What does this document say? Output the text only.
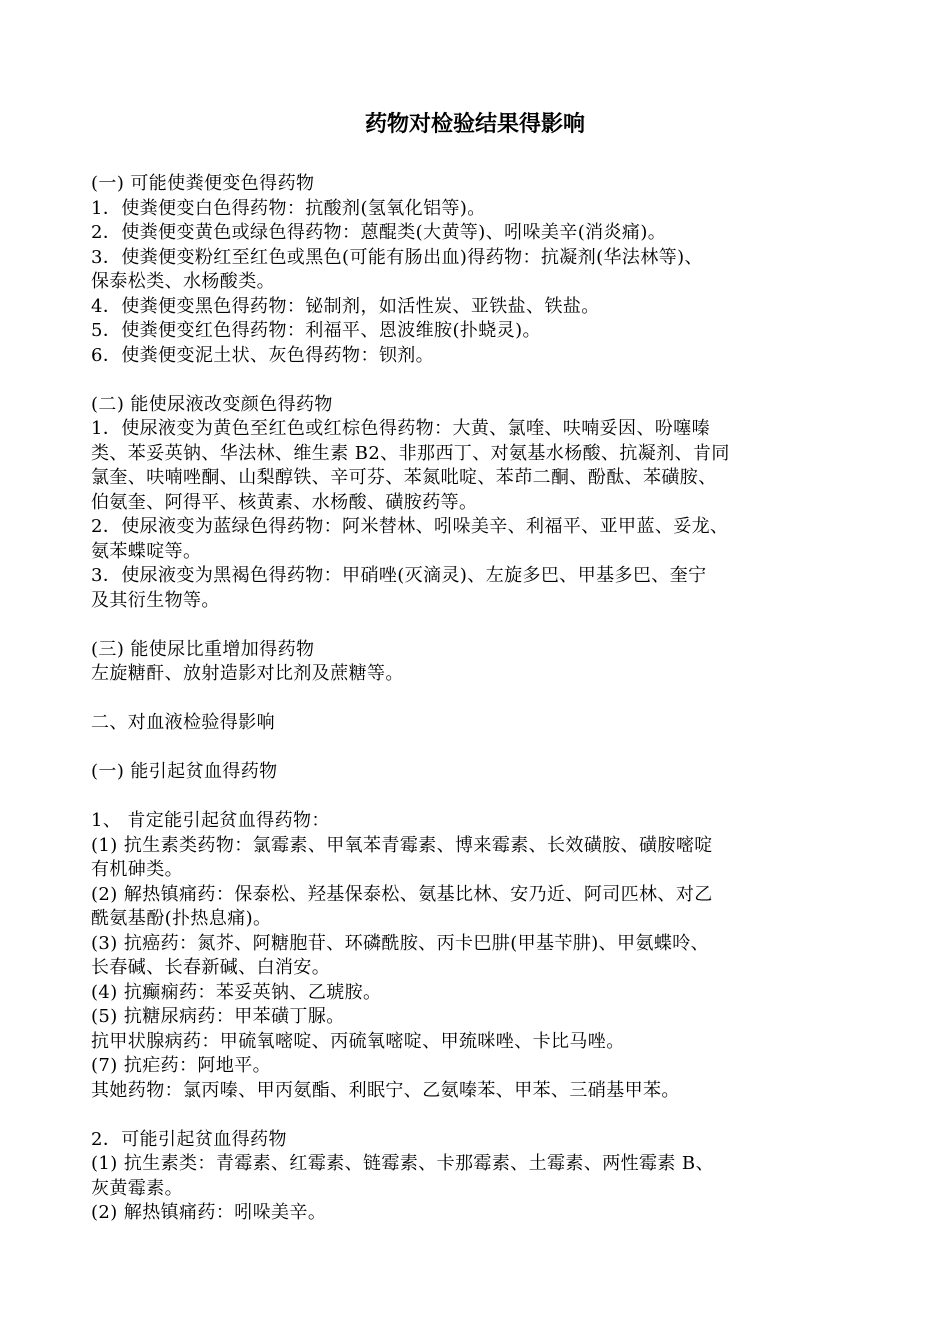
药物对检验结果得影响

(一) 可能使粪便变色得药物

1．使粪便变白色得药物：抗酸剂(氢氧化铝等)。

2．使粪便变黄色或绿色得药物：蒽醌类(大黄等)、吲哚美辛(消炎痛)。

3．使粪便变粉红至红色或黑色(可能有肠出血)得药物：抗凝剂(华法林等)、

保泰松类、水杨酸类。

4．使粪便变黑色得药物：铋制剂，如活性炭、亚铁盐、铁盐。

5．使粪便变红色得药物：利福平、恩波维胺(扑蛲灵)。

6．使粪便变泥土状、灰色得药物：钡剂。

(二) 能使尿液改变颜色得药物

1．使尿液变为黄色至红色或红棕色得药物：大黄、氯喹、呋喃妥因、吩噻嗪

类、苯妥英钠、华法林、维生素 B2、非那西丁、对氨基水杨酸、抗凝剂、肯同

氯奎、呋喃唑酮、山梨醇铁、辛可芬、苯氮吡啶、苯茚二酮、酚酞、苯磺胺、

伯氨奎、阿得平、核黄素、水杨酸、磺胺药等。

2．使尿液变为蓝绿色得药物：阿米替林、吲哚美辛、利福平、亚甲蓝、妥龙、

氨苯蝶啶等。

3．使尿液变为黑褐色得药物：甲硝唑(灭滴灵)、左旋多巴、甲基多巴、奎宁

及其衍生物等。

(三) 能使尿比重增加得药物

左旋糖酐、放射造影对比剂及蔗糖等。

二、对血液检验得影响

(一) 能引起贫血得药物

1、 肯定能引起贫血得药物：

(1) 抗生素类药物：氯霉素、甲氧苯青霉素、博来霉素、长效磺胺、磺胺嘧啶

有机砷类。

(2) 解热镇痛药：保泰松、羟基保泰松、氨基比林、安乃近、阿司匹林、对乙

酰氨基酚(扑热息痛)。

(3) 抗癌药：氮芥、阿糖胞苷、环磷酰胺、丙卡巴肼(甲基苄肼)、甲氨蝶呤、

长春碱、长春新碱、白消安。

(4) 抗癫痫药：苯妥英钠、乙琥胺。

(5) 抗糖尿病药：甲苯磺丁脲。

抗甲状腺病药：甲硫氧嘧啶、丙硫氧嘧啶、甲巯咪唑、卡比马唑。

(7) 抗疟药：阿地平。

其她药物：氯丙嗪、甲丙氨酯、利眠宁、乙氨嗪苯、甲苯、三硝基甲苯。

2．可能引起贫血得药物

(1) 抗生素类：青霉素、红霉素、链霉素、卡那霉素、土霉素、两性霉素 B、

灰黄霉素。

(2) 解热镇痛药：吲哚美辛。
